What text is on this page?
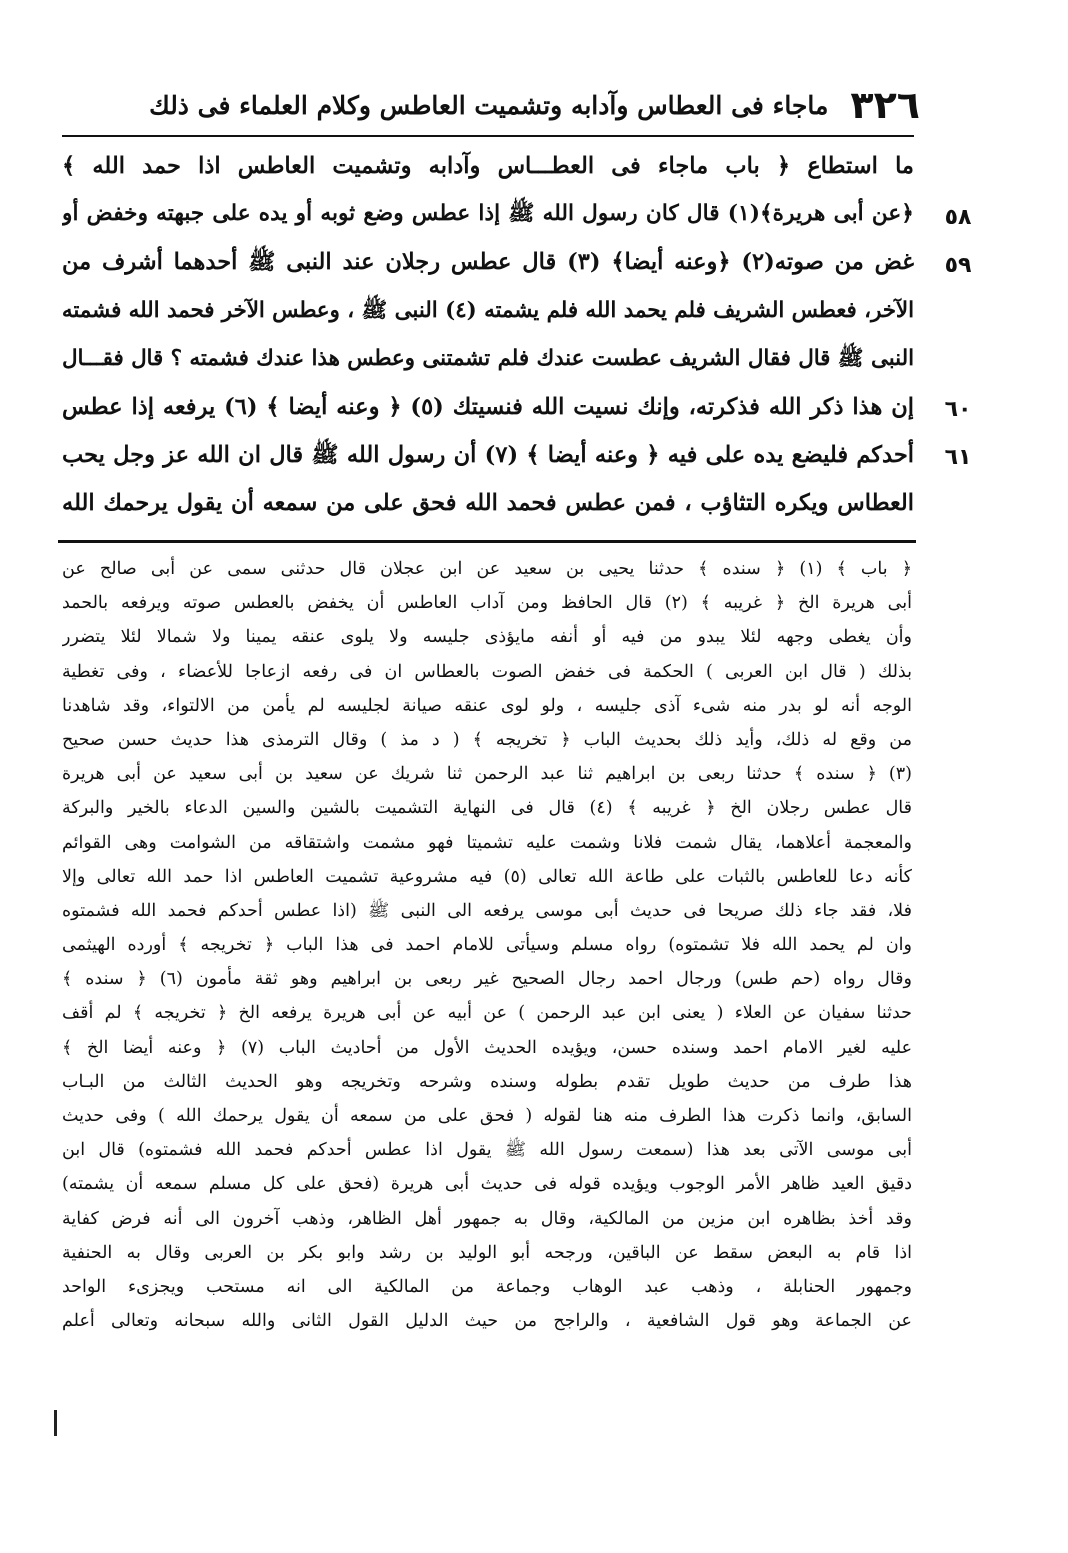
٣٢٦
ماجاء فى العطاس وآدابه وتشميت العاطس وكلام العلماء فى ذلك
ما استطاع ﴿ باب ماجاء فى العطـــاس وآدابه وتشميت العاطس اذا حمد الله ﴾
﴿عن أبى هريرة﴾(١) قال كان رسول الله ﷺ إذا عطس وضع ثوبه أو يده على جبهته وخفض أو
غض من صوته(٢) ﴿وعنه أيضا﴾ (٣) قال عطس رجلان عند النبى ﷺ أحدهما أشرف من
الآخر، فعطس الشريف فلم يحمد الله فلم يشمته (٤) النبى ﷺ ، وعطس الآخر فحمد الله فشمته
النبى ﷺ قال فقال الشريف عطست عندك فلم تشمتنى وعطس هذا عندك فشمته ؟ قال فقـــال
إن هذا ذكر الله فذكرته، وإنك نسيت الله فنسيتك (٥) ﴿ وعنه أيضا ﴾ (٦) يرفعه إذا عطس
أحدكم فليضع يده على فيه ﴿ وعنه أيضا ﴾ (٧) أن رسول الله ﷺ قال ان الله عز وجل يحب
العطاس ويكره التثاؤب ، فمن عطس فحمد الله فحق على من سمعه أن يقول يرحمك الله
٥٨
٥٩
٦٠
٦١
﴿ باب ﴾ (١) ﴿ سنده ﴾ حدثنا يحيى بن سعيد عن ابن عجلان قال حدثنى سمى عن أبى صالح عن
أبى هريرة الخ ﴿ غريبه ﴾ (٢) قال الحافظ ومن آداب العاطس أن يخفض بالعطس صوته ويرفعه بالحمد
وأن يغطى وجهه لئلا يبدو من فيه أو أنفه مايؤذى جليسه ولا يلوى عنقه يمينا ولا شمالا لئلا يتضرر
بذلك ( قال ابن العربى ) الحكمة فى خفض الصوت بالعطاس ان فى رفعه ازعاجا للأعضاء ، وفى تغطية
الوجه أنه لو بدر منه شىء آذى جليسه ، ولو لوى عنقه صيانة لجليسه لم يأمن من الالتواء، وقد شاهدنا
من وقع له ذلك، وأيد ذلك بحديث الباب ﴿ تخريجه ﴾ ( د مذ ) وقال الترمذى هذا حديث حسن صحيح
(٣) ﴿ سنده ﴾ حدثنا ربعى بن ابراهيم ثنا عبد الرحمن ثنا شريك عن سعيد بن أبى سعيد عن أبى هريرة
قال عطس رجلان الخ ﴿ غريبه ﴾ (٤) قال فى النهاية التشميت بالشين والسين الدعاء بالخير والبركة
والمعجمة أعلاهما، يقال شمت فلانا وشمت عليه تشميتا فهو مشمت واشتقاقه من الشوامت وهى القوائم
كأنه دعا للعاطس بالثبات على طاعة الله تعالى (٥) فيه مشروعية تشميت العاطس اذا حمد الله تعالى وإلا
فلا، فقد جاء ذلك صريحا فى حديث أبى موسى يرفعه الى النبى ﷺ (اذا عطس أحدكم فحمد الله فشمتوه
وان لم يحمد الله فلا تشمتوه) رواه مسلم وسيأتى للامام احمد فى هذا الباب ﴿ تخريجه ﴾ أورده الهيثمى
وقال رواه (حم طس) ورجال احمد رجال الصحيح غير ربعى بن ابراهيم وهو ثقة مأمون (٦) ﴿ سنده ﴾
حدثنا سفيان عن العلاء ( يعنى ابن عبد الرحمن ) عن أبيه عن أبى هريرة يرفعه الخ ﴿ تخريجه ﴾ لم أقف
عليه لغير الامام احمد وسنده حسن، ويؤيده الحديث الأول من أحاديث الباب (٧) ﴿ وعنه أيضا الخ ﴾
هذا طرف من حديث طويل تقدم بطوله وسنده وشرحه وتخريجه وهو الحديث الثالث من البـاب
السابق، وانما ذكرت هذا الطرف منه هنا لقوله ( فحق على من سمعه أن يقول يرحمك الله ) وفى حديث
أبى موسى الآتى بعد هذا (سمعت رسول الله ﷺ يقول اذا عطس أحدكم فحمد الله فشمتوه) قال ابن
دقيق العيد ظاهر الأمر الوجوب ويؤيده قوله فى حديث أبى هريرة (فحق على كل مسلم سمعه أن يشمته)
وقد أخذ بظاهره ابن مزين من المالكية، وقال به جمهور أهل الظاهر، وذهب آخرون الى أنه فرض كفاية
اذا قام به البعض سقط عن الباقين، ورجحه أبو الوليد بن رشد وابو بكر بن العربى وقال به الحنفية
وجمهور الحنابلة ، وذهب عبد الوهاب وجماعة من المالكية الى انه مستحب ويجزىء الواحد
عن الجماعة وهو قول الشافعية ، والراجح من حيث الدليل القول الثانى والله سبحانه وتعالى أعلم
